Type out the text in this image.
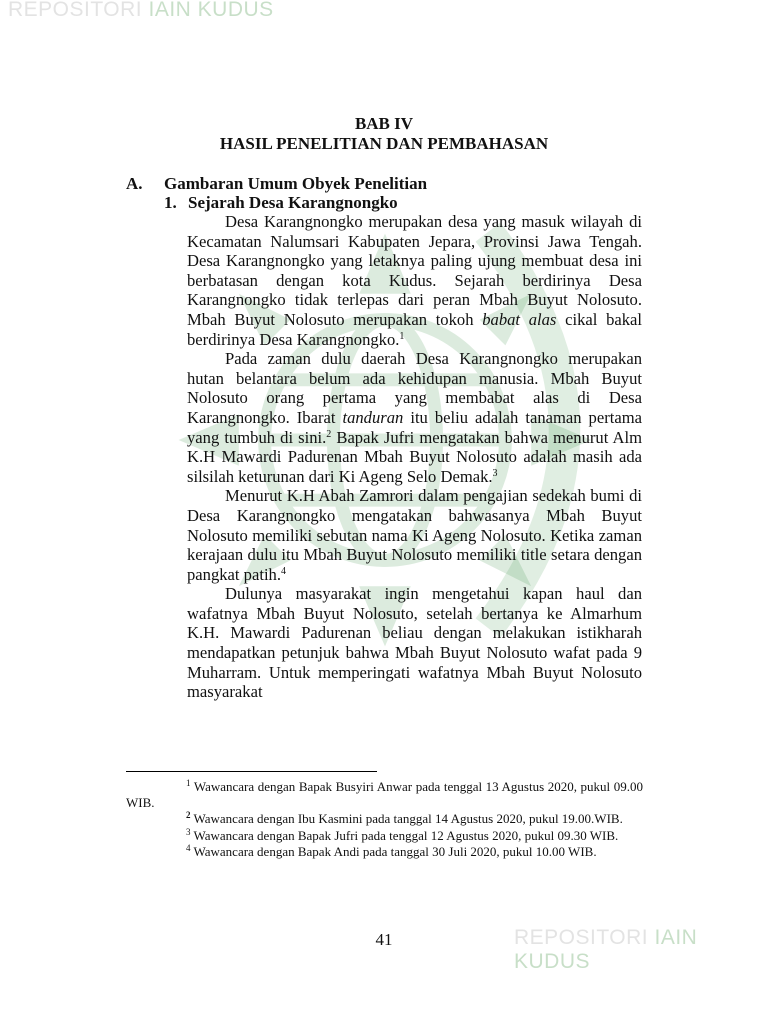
REPOSITORI IAIN KUDUS
BAB IV
HASIL PENELITIAN DAN PEMBAHASAN
A. Gambaran Umum Obyek Penelitian
1. Sejarah Desa Karangnongko

Desa Karangnongko merupakan desa yang masuk wilayah di Kecamatan Nalumsari Kabupaten Jepara, Provinsi Jawa Tengah. Desa Karangnongko yang letaknya paling ujung membuat desa ini berbatasan dengan kota Kudus. Sejarah berdirinya Desa Karangnongko tidak terlepas dari peran Mbah Buyut Nolosuto. Mbah Buyut Nolosuto merupakan tokoh babat alas cikal bakal berdirinya Desa Karangnongko.$^1$

Pada zaman dulu daerah Desa Karangnongko merupakan hutan belantara belum ada kehidupan manusia. Mbah Buyut Nolosuto orang pertama yang membabat alas di Desa Karangnongko. Ibarat tanduran itu beliu adalah tanaman pertama yang tumbuh di sini.$^2$ Bapak Jufri mengatakan bahwa menurut Alm K.H Mawardi Padurenan Mbah Buyut Nolosuto adalah masih ada silsilah keturunan dari Ki Ageng Selo Demak.$^3$

Menurut K.H Abah Zamrori dalam pengajian sedekah bumi di Desa Karangnongko mengatakan bahwasanya Mbah Buyut Nolosuto memiliki sebutan nama Ki Ageng Nolosuto. Ketika zaman kerajaan dulu itu Mbah Buyut Nolosuto memiliki title setara dengan pangkat patih.$^4$

Dulunya masyarakat ingin mengetahui kapan haul dan wafatnya Mbah Buyut Nolosuto, setelah bertanya ke Almarhum K.H. Mawardi Padurenan beliau dengan melakukan istikharah mendapatkan petunjuk bahwa Mbah Buyut Nolosuto wafat pada 9 Muharram. Untuk memperingati wafatnya Mbah Buyut Nolosuto masyarakat

$^1$ Wawancara dengan Bapak Busyiri Anwar pada tenggal 13 Agustus 2020, pukul 09.00 WIB.

$^2$ Wawancara dengan Ibu Kasmini pada tanggal 14 Agustus 2020, pukul 19.00.WIB.

$^3$ Wawancara dengan Bapak Jufri pada tenggal 12 Agustus 2020, pukul 09.30 WIB.

$^4$ Wawancara dengan Bapak Andi pada tanggal 30 Juli 2020, pukul 10.00 WIB.

41	REPOSITORI IAIN KUDUS
